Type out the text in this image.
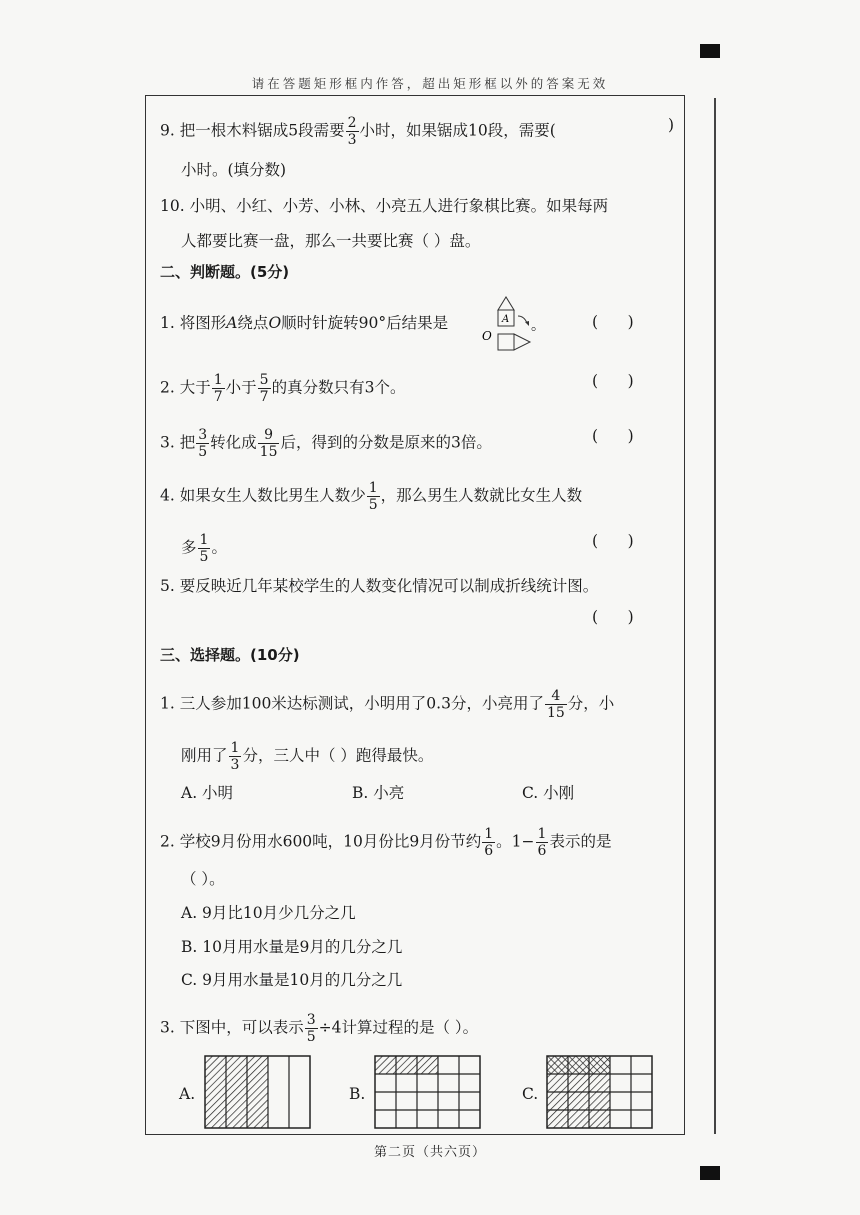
请在答题矩形框内作答，超出矩形框以外的答案无效
9. 把一根木料锯成5段需要 $\frac{2}{3}$ 小时，如果锯成10段，需要(	)
小时。(填分数)
10. 小明、小红、小芳、小林、小亮五人进行象棋比赛。如果每两
人都要比赛一盘，那么一共要比赛（ ）盘。
二、判断题。(5分)
1. 将图形A绕点O顺时针旋转90°后结果是	A
O
。	(      )
2. 大于 $\frac{1}{7}$ 小于 $\frac{5}{7}$ 的真分数只有3个。	(      )
3. 把 $\frac{3}{5}$ 转化成 $\frac{9}{15}$ 后，得到的分数是原来的3倍。	(      )
4. 如果女生人数比男生人数少 $\frac{1}{5}$ ，那么男生人数就比女生人数
多 $\frac{1}{5}$ 。	(      )
5. 要反映近几年某校学生的人数变化情况可以制成折线统计图。
(      )
三、选择题。(10分)
1. 三人参加100米达标测试，小明用了0.3分，小亮用了 $\frac{4}{15}$ 分，小
刚用了 $\frac{1}{3}$ 分，三人中（ ）跑得最快。
A. 小明	B. 小亮	C. 小刚
2. 学校9月份用水600吨，10月份比9月份节约 $\frac{1}{6}$ 。$1- \frac{1}{6}$ 表示的是
（ ）。
A. 9月比10月少几分之几
B. 10月用水量是9月的几分之几
C. 9月用水量是10月的几分之几
3. 下图中，可以表示 $\frac{3}{5} \div 4$计算过程的是（ ）。
A.	B.	C.
第二页（共六页）
